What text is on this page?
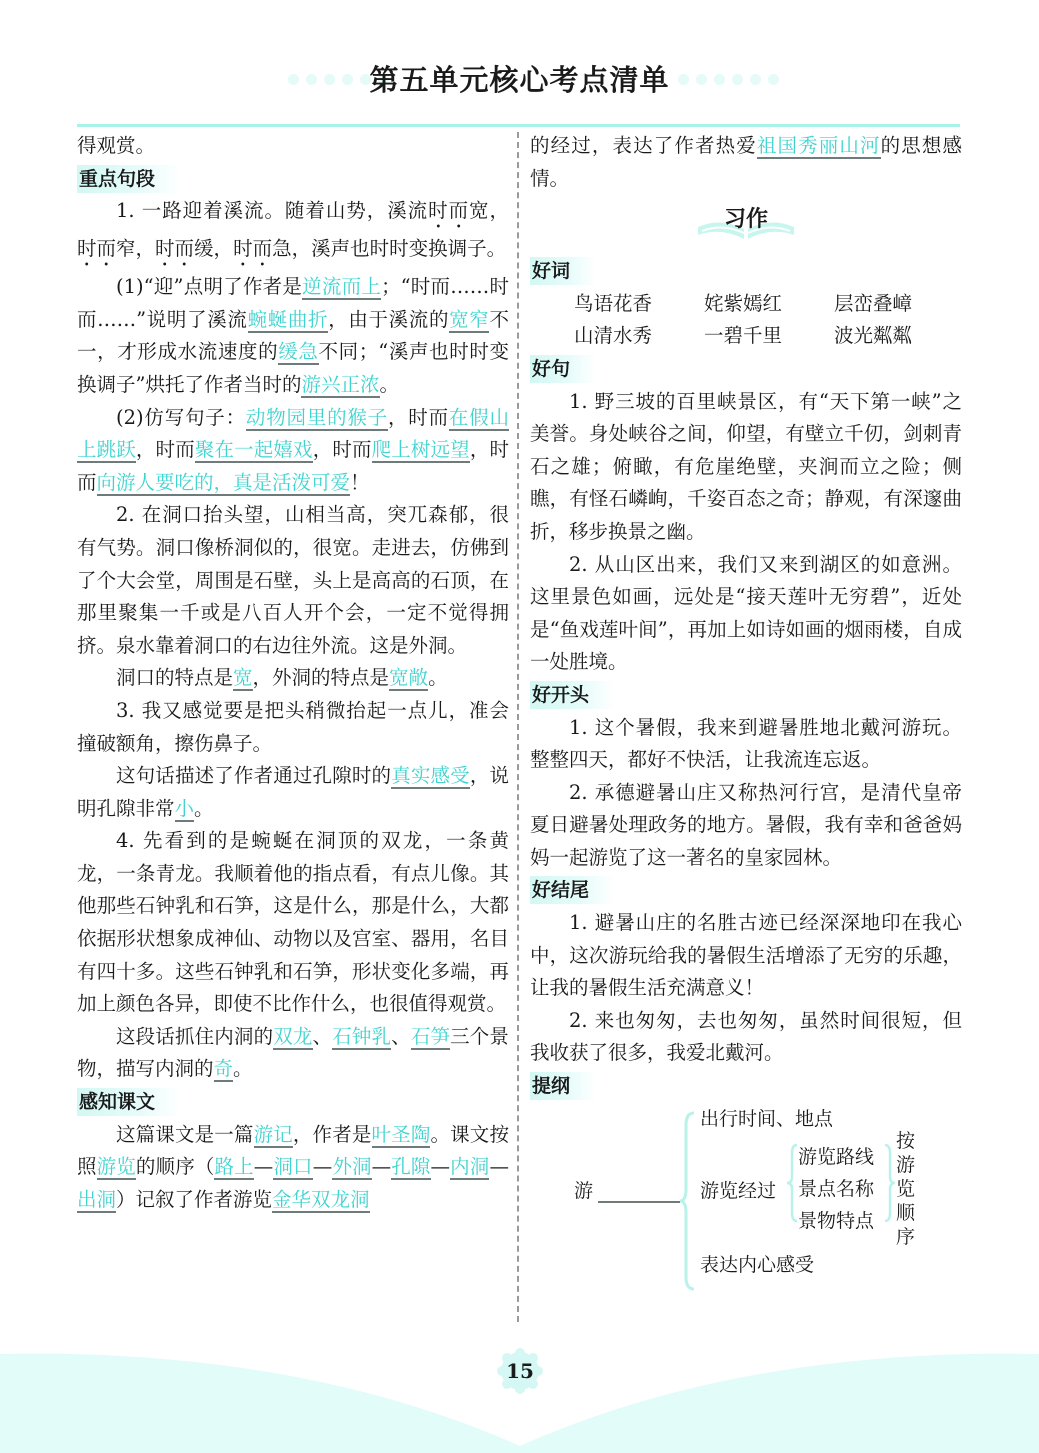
第五单元核心考点清单

得观赏。

重点句段

1. 一路迎着溪流。随着山势，溪流时而宽，时而窄，时而缓，时而急，溪声也时时变换调子。

(1)“迎”点明了作者是逆流而上；“时而……时而……”说明了溪流蜿蜒曲折，由于溪流的宽窄不一，才形成水流速度的缓急不同；“溪声也时时变换调子”烘托了作者当时的游兴正浓。

(2)仿写句子：动物园里的猴子，时而在假山上跳跃，时而聚在一起嬉戏，时而爬上树远望，时而向游人要吃的，真是活泼可爱！

2. 在洞口抬头望，山相当高，突兀森郁，很有气势。洞口像桥洞似的，很宽。走进去，仿佛到了个大会堂，周围是石壁，头上是高高的石顶，在那里聚集一千或是八百人开个会，一定不觉得拥挤。泉水靠着洞口的右边往外流。这是外洞。

洞口的特点是宽，外洞的特点是宽敞。

3. 我又感觉要是把头稍微抬起一点儿，准会撞破额角，擦伤鼻子。

这句话描述了作者通过孔隙时的真实感受，说明孔隙非常小。

4. 先看到的是蜿蜒在洞顶的双龙，一条黄龙，一条青龙。我顺着他的指点看，有点儿像。其他那些石钟乳和石笋，这是什么，那是什么，大都依据形状想象成神仙、动物以及宫室、器用，名目有四十多。这些石钟乳和石笋，形状变化多端，再加上颜色各异，即使不比作什么，也很值得观赏。

这段话抓住内洞的双龙、石钟乳、石笋三个景物，描写内洞的奇。

感知课文

这篇课文是一篇游记，作者是叶圣陶。课文按照游览的顺序（路上—洞口—外洞—孔隙—内洞—出洞）记叙了作者游览金华双龙洞

的经过，表达了作者热爱祖国秀丽山河的思想感情。

习作
好词
鸟语花香	姹紫嫣红	层峦叠嶂
山清水秀	一碧千里	波光粼粼
好句

1. 野三坡的百里峡景区，有“天下第一峡”之美誉。身处峡谷之间，仰望，有壁立千仞，剑刺青石之雄；俯瞰，有危崖绝壁，夹涧而立之险；侧瞧，有怪石嶙峋，千姿百态之奇；静观，有深邃曲折，移步换景之幽。

2. 从山区出来，我们又来到湖区的如意洲。这里景色如画，远处是“接天莲叶无穷碧”，近处是“鱼戏莲叶间”，再加上如诗如画的烟雨楼，自成一处胜境。

好开头

1. 这个暑假，我来到避暑胜地北戴河游玩。整整四天，都好不快活，让我流连忘返。

2. 承德避暑山庄又称热河行宫，是清代皇帝夏日避暑处理政务的地方。暑假，我有幸和爸爸妈妈一起游览了这一著名的皇家园林。

好结尾

1. 避暑山庄的名胜古迹已经深深地印在我心中，这次游玩给我的暑假生活增添了无穷的乐趣，让我的暑假生活充满意义！

2. 来也匆匆，去也匆匆，虽然时间很短，但我收获了很多，我爱北戴河。

提纲
游
出行时间、地点
游览经过
游览路线
景点名称
景物特点
按游览顺序
表达内心感受
15
